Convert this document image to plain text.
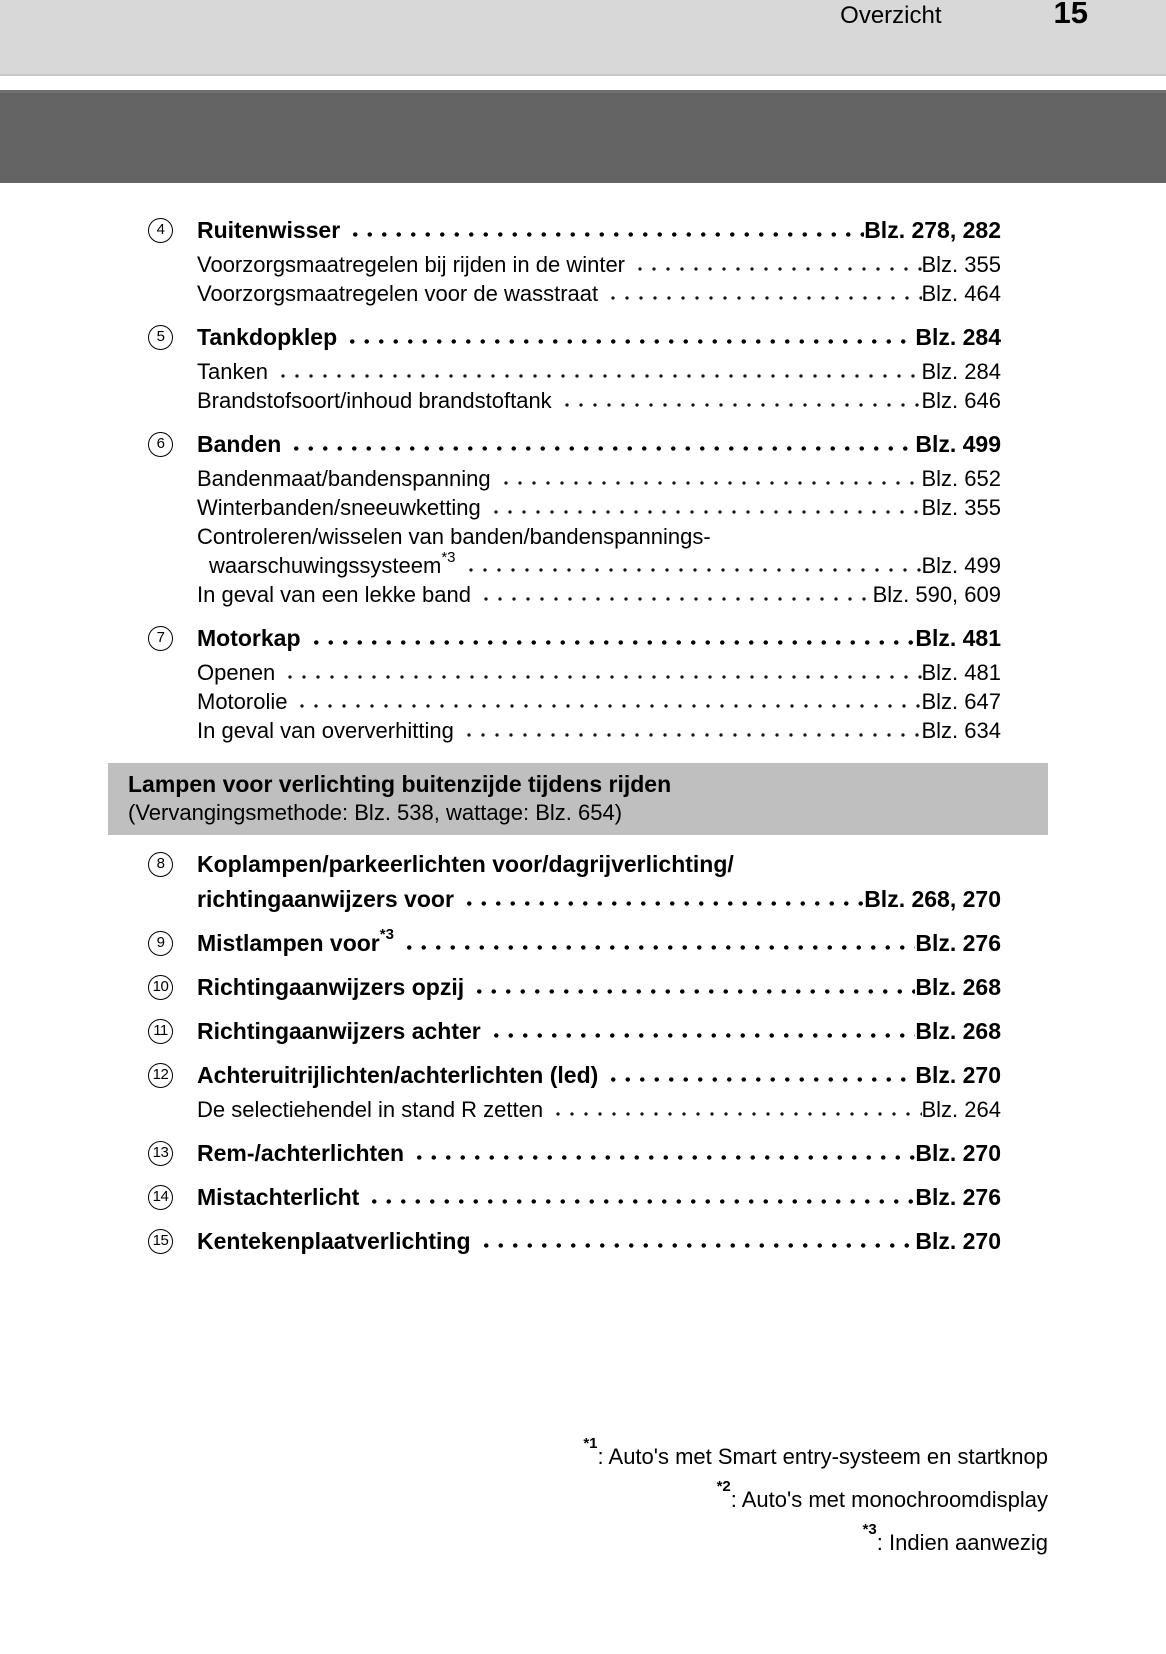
Overzicht	15
4	Ruitenwisser	Blz. 278, 282
Voorzorgsmaatregelen bij rijden in de winter	Blz. 355
Voorzorgsmaatregelen voor de wasstraat	Blz. 464
5	Tankdopklep	Blz. 284
Tanken	Blz. 284
Brandstofsoort/inhoud brandstoftank	Blz. 646
6	Banden	Blz. 499
Bandenmaat/bandenspanning	Blz. 652
Winterbanden/sneeuwketting	Blz. 355
Controleren/wisselen van banden/bandenspannings-
waarschuwingssysteem$^{*3}$	Blz. 499
In geval van een lekke band	Blz. 590, 609
7	Motorkap	Blz. 481
Openen	Blz. 481
Motorolie	Blz. 647
In geval van oververhitting	Blz. 634
Lampen voor verlichting buitenzijde tijdens rijden
(Vervangingsmethode: Blz. 538, wattage: Blz. 654)
8	Koplampen/parkeerlichten voor/dagrijverlichting/
richtingaanwijzers voor	Blz. 268, 270
9	Mistlampen voor$^{*3}$	Blz. 276
10 Richtingaanwijzers opzij	Blz. 268
11 Richtingaanwijzers achter	Blz. 268
12 Achteruitrijlichten/achterlichten (led)	Blz. 270
De selectiehendel in stand R zetten	Blz. 264
13 Rem-/achterlichten	Blz. 270
14 Mistachterlicht	Blz. 276
15 Kentekenplaatverlichting	Blz. 270
$^{*1}$: Auto's met Smart entry-systeem en startknop
$^{*2}$: Auto's met monochroomdisplay
$^{*3}$: Indien aanwezig
